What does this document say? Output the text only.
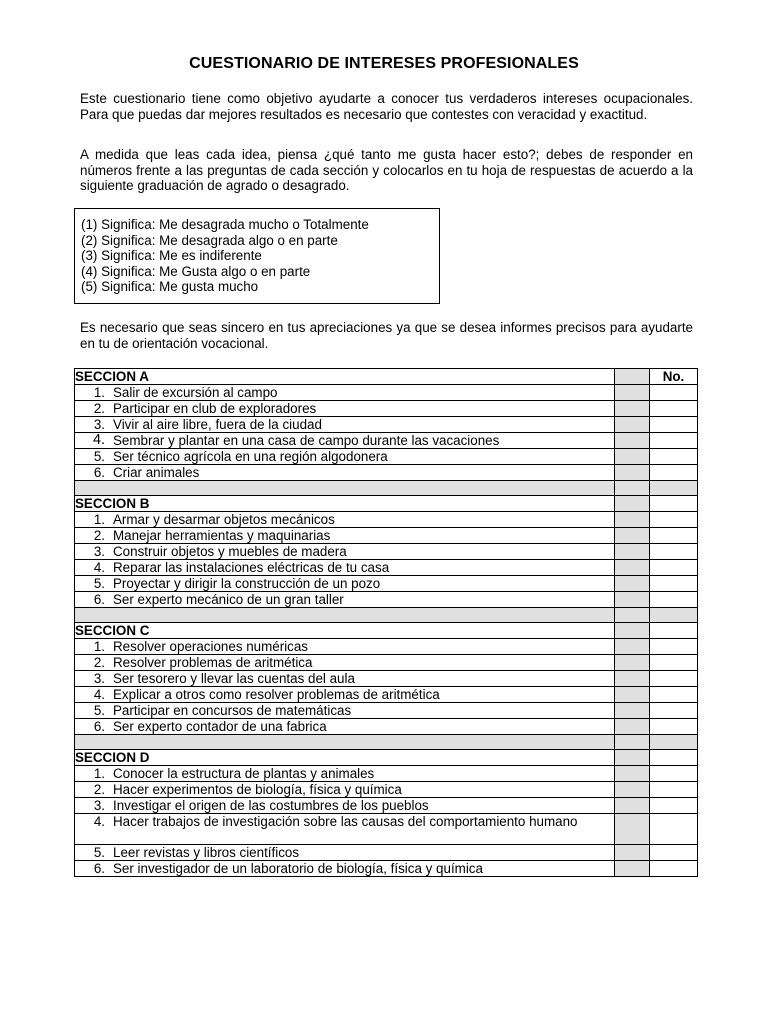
CUESTIONARIO DE INTERESES PROFESIONALES
Este cuestionario tiene como objetivo ayudarte a conocer tus verdaderos intereses ocupacionales. Para que puedas dar mejores resultados es necesario que contestes con veracidad y exactitud.
A medida que leas cada idea, piensa ¿qué tanto me gusta hacer esto?; debes de responder en números frente a las preguntas de cada sección y colocarlos en tu hoja de respuestas de acuerdo a la siguiente graduación de agrado o desagrado.
(1) Significa: Me desagrada mucho o Totalmente
(2) Significa: Me desagrada algo o en parte
(3) Significa: Me es indiferente
(4) Significa: Me Gusta algo o en parte
(5) Significa: Me gusta mucho
Es necesario que seas sincero en tus apreciaciones ya que se desea informes precisos para ayudarte en tu de orientación vocacional.
SECCION A		No.
1. Salir de excursión al campo		
2. Participar en club de exploradores		
3. Vivir al aire libre, fuera de la ciudad		
4. Sembrar y plantar en una casa de campo durante las vacaciones		
5. Ser técnico agrícola en una región algodonera		
6. Criar animales		

SECCION B		
1. Armar y desarmar objetos mecánicos		
2. Manejar herramientas y maquinarias		
3. Construir objetos y muebles de madera		
4. Reparar las instalaciones eléctricas de tu casa		
5. Proyectar y dirigir la construcción de un pozo		
6. Ser experto mecánico de un gran taller		

SECCION C		
1. Resolver operaciones numéricas		
2. Resolver problemas de aritmética		
3. Ser tesorero y llevar las cuentas del aula		
4. Explicar a otros como resolver problemas de aritmética		
5. Participar en concursos de matemáticas		
6. Ser experto contador de una fabrica		

SECCION D		
1. Conocer la estructura de plantas y animales		
2. Hacer experimentos de biología, física y química		
3. Investigar el origen de las costumbres de los pueblos		
4. Hacer trabajos de investigación sobre las causas del comportamiento humano		
5. Leer revistas y libros científicos		
6. Ser investigador de un laboratorio de biología, física y química		
